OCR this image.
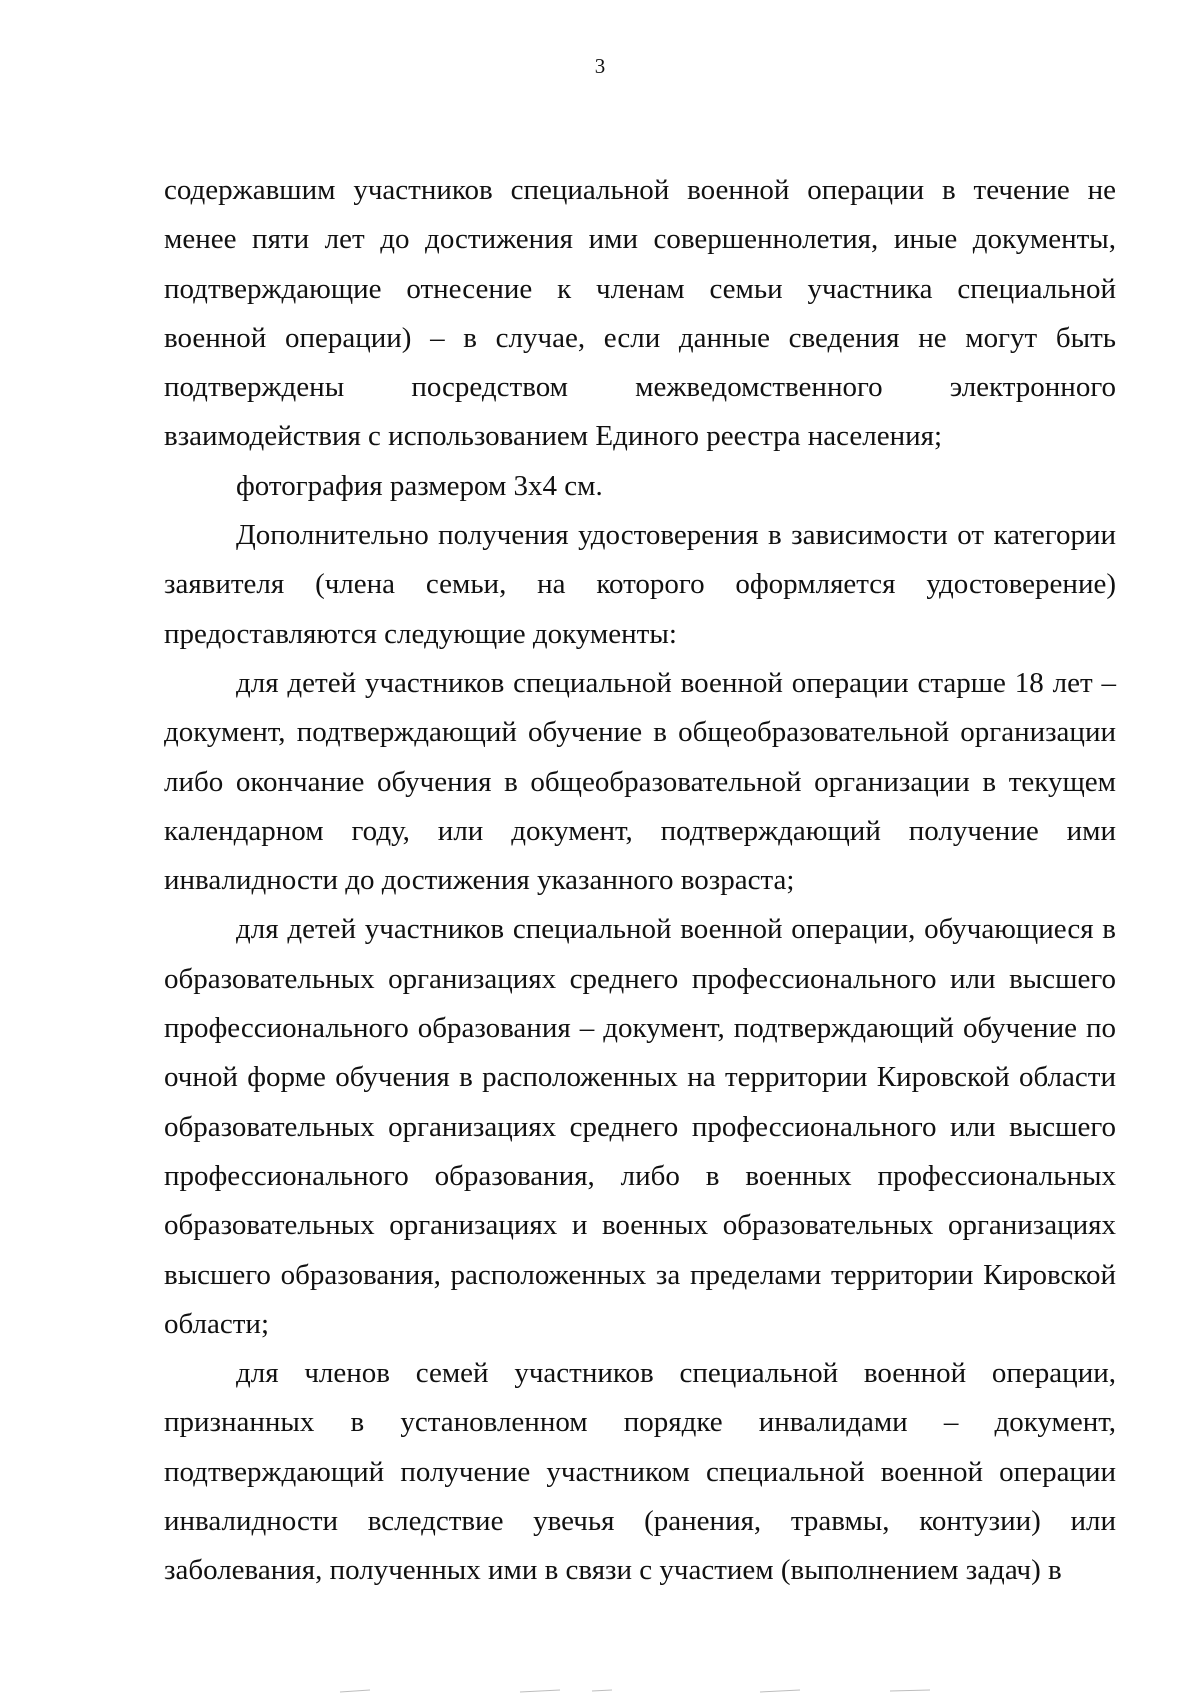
3

содержавшим участников специальной военной операции в течение не менее пяти лет до достижения ими совершеннолетия, иные документы, подтверждающие отнесение к членам семьи участника специальной военной операции) – в случае, если данные сведения не могут быть подтверждены посредством межведомственного электронного взаимодействия с использованием Единого реестра населения;

фотография размером 3х4 см.

Дополнительно получения удостоверения в зависимости от категории заявителя (члена семьи, на которого оформляется удостоверение) предоставляются следующие документы:

для детей участников специальной военной операции старше 18 лет – документ, подтверждающий обучение в общеобразовательной организации либо окончание обучения в общеобразовательной организации в текущем календарном году, или документ, подтверждающий получение ими инвалидности до достижения указанного возраста;

для детей участников специальной военной операции, обучающиеся в образовательных организациях среднего профессионального или высшего профессионального образования – документ, подтверждающий обучение по очной форме обучения в расположенных на территории Кировской области образовательных организациях среднего профессионального или высшего профессионального образования, либо в военных профессиональных образовательных организациях и военных образовательных организациях высшего образования, расположенных за пределами территории Кировской области;

для членов семей участников специальной военной операции, признанных в установленном порядке инвалидами – документ, подтверждающий получение участником специальной военной операции инвалидности вследствие увечья (ранения, травмы, контузии) или заболевания, полученных ими в связи с участием (выполнением задач) в
